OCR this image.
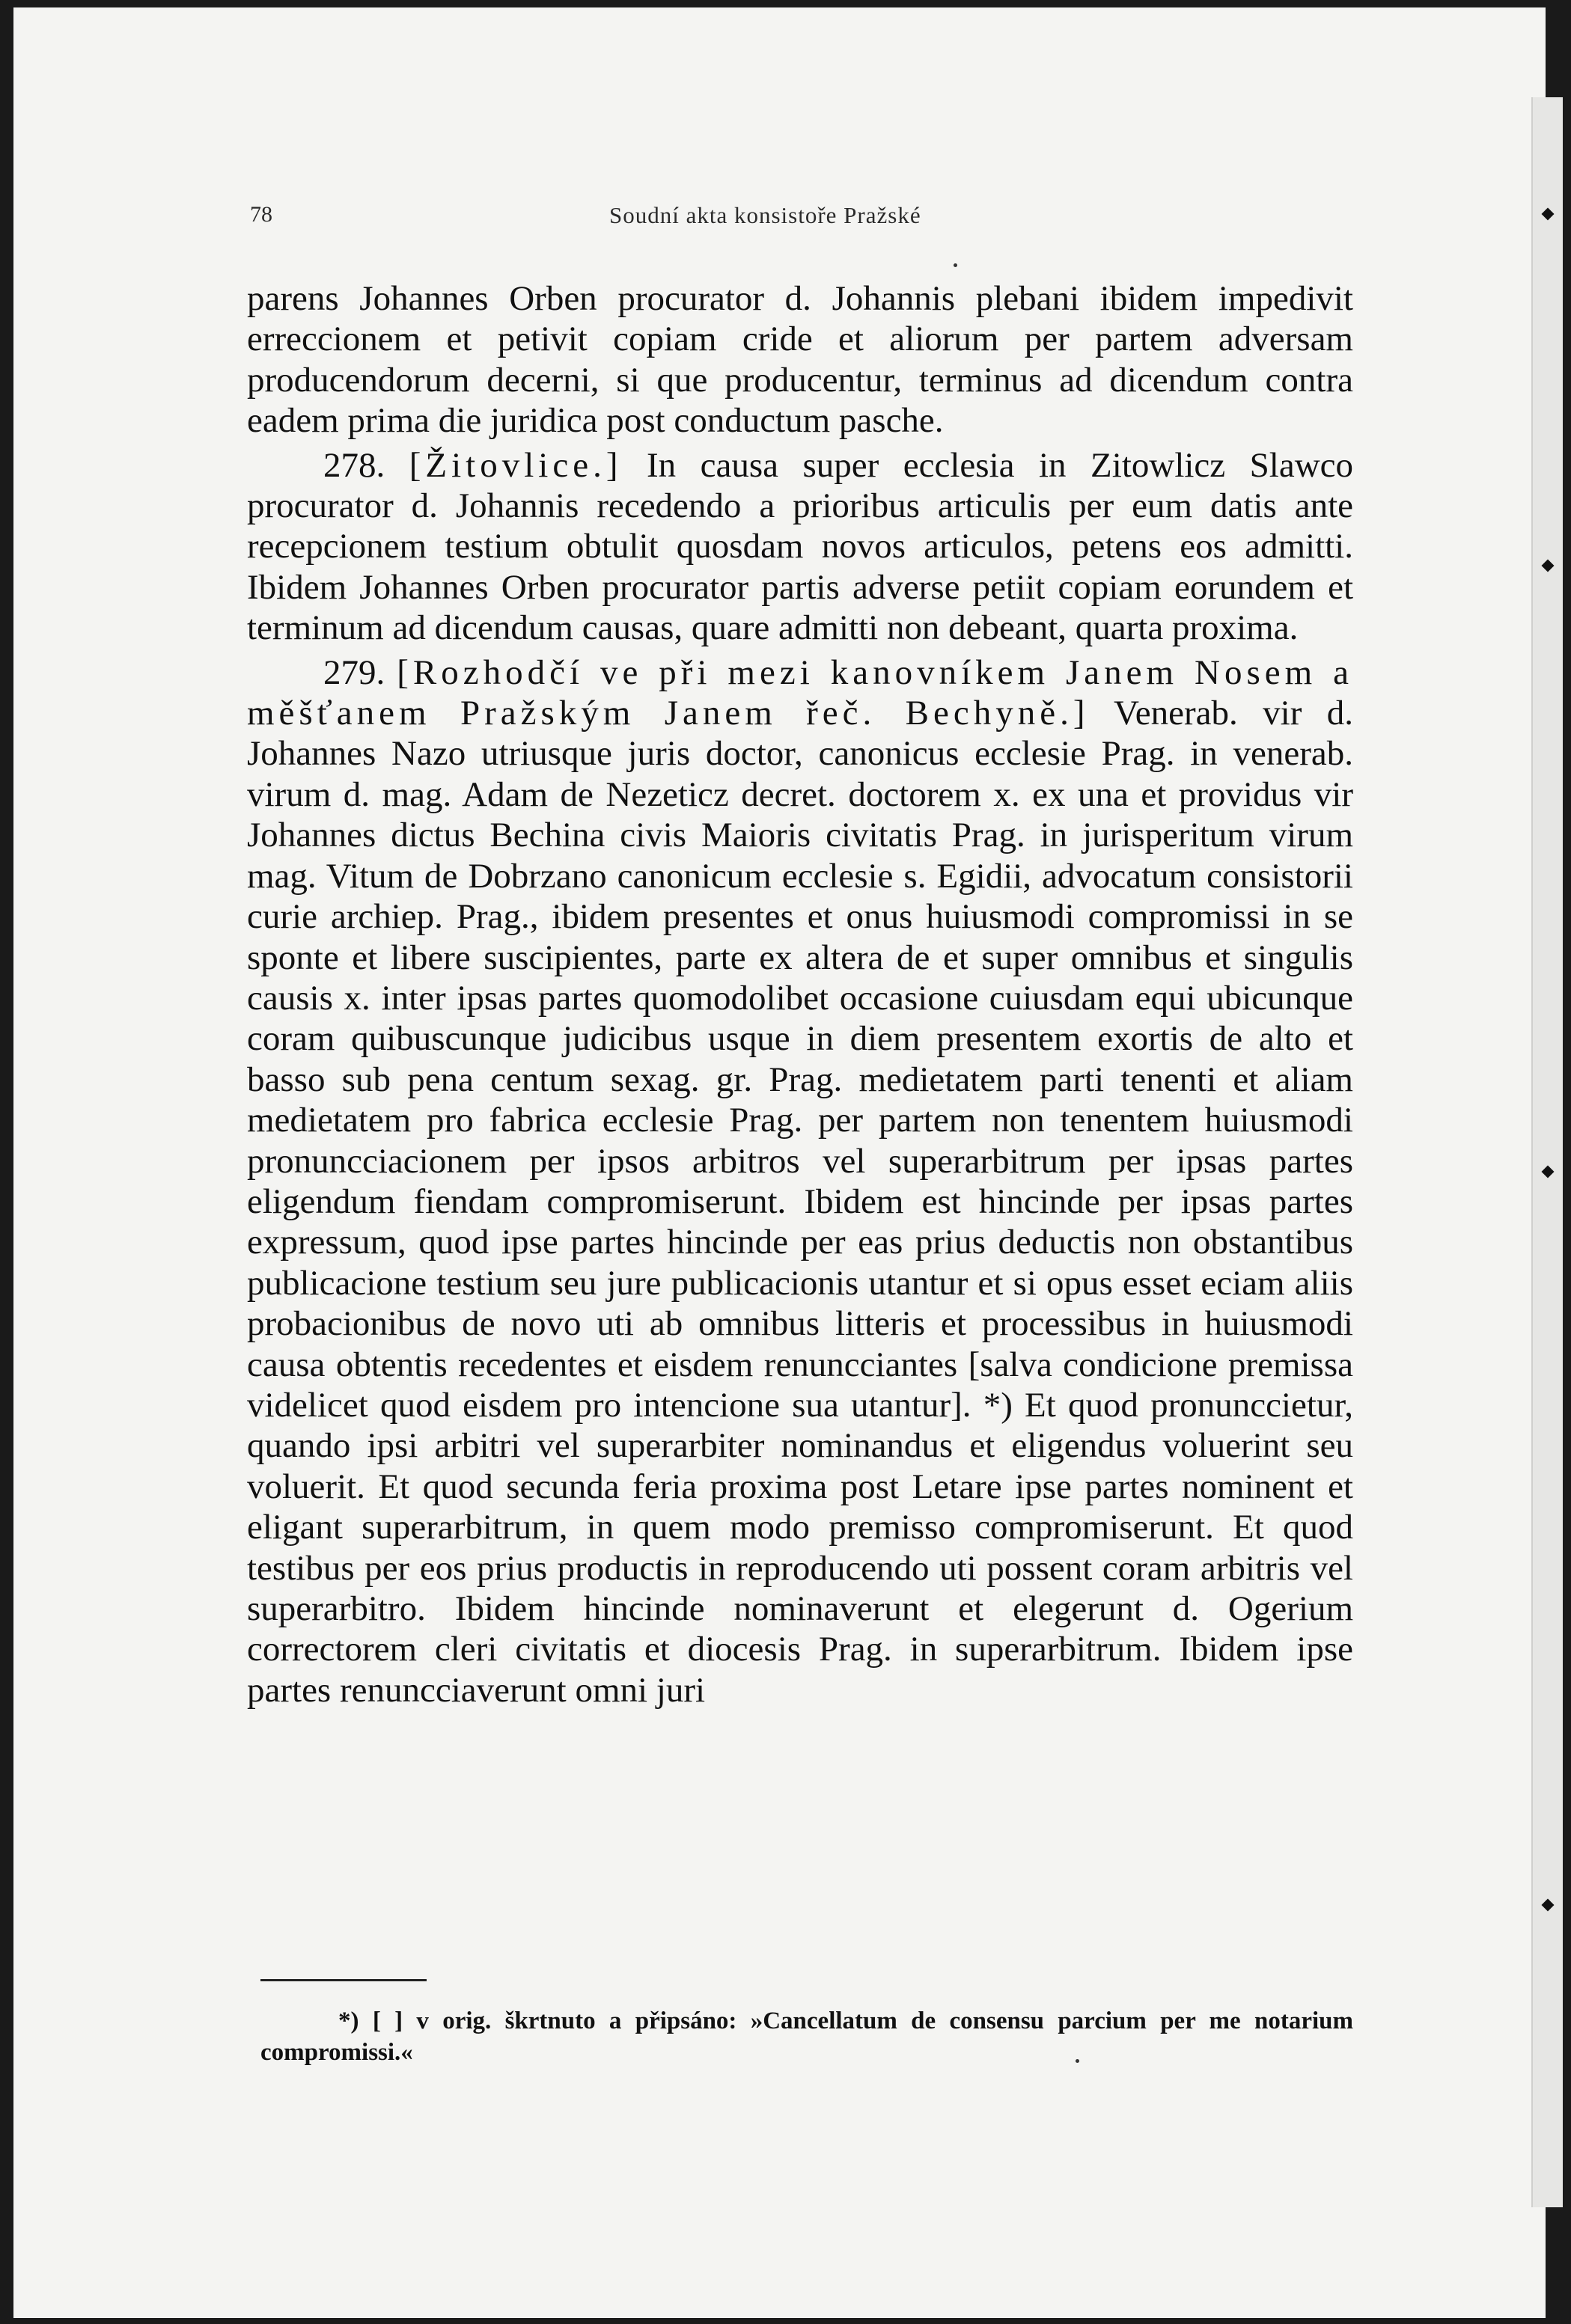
78	Soudní akta konsistoře Pražské

parens Johannes Orben procurator d. Johannis plebani ibidem impedivit erreccionem et petivit copiam cride et aliorum per partem adversam producendorum decerni, si que producentur, terminus ad dicendum contra eadem prima die juridica post conductum pasche.

278. [Žitovlice.] In causa super ecclesia in Zitowlicz Slawco procurator d. Johannis recedendo a prioribus articulis per eum datis ante recepcionem testium obtulit quosdam novos articulos, petens eos admitti. Ibidem Johannes Orben procurator partis adverse petiit copiam eorundem et terminum ad dicendum causas, quare admitti non debeant, quarta proxima.

279. [Rozhodčí ve při mezi kanovníkem Janem Nosem a měšťanem Pražským Janem řeč. Bechyně.] Venerab. vir d. Johannes Nazo utriusque juris doctor, canonicus ecclesie Prag. in venerab. virum d. mag. Adam de Nezeticz decret. doctorem x. ex una et providus vir Johannes dictus Bechina civis Maioris civitatis Prag. in jurisperitum virum mag. Vitum de Dobrzano canonicum ecclesie s. Egidii, advocatum consistorii curie archiep. Prag., ibidem presentes et onus huiusmodi compromissi in se sponte et libere suscipientes, parte ex altera de et super omnibus et singulis causis x. inter ipsas partes quomodolibet occasione cuiusdam equi ubicunque coram quibuscunque judicibus usque in diem presentem exortis de alto et basso sub pena centum sexag. gr. Prag. medietatem parti tenenti et aliam medietatem pro fabrica ecclesie Prag. per partem non tenentem huiusmodi pronuncciacionem per ipsos arbitros vel superarbitrum per ipsas partes eligendum fiendam compromiserunt. Ibidem est hincinde per ipsas partes expressum, quod ipse partes hincinde per eas prius deductis non obstantibus publicacione testium seu jure publicacionis utantur et si opus esset eciam aliis probacionibus de novo uti ab omnibus litteris et processibus in huiusmodi causa obtentis recedentes et eisdem renuncciantes [salva condicione premissa videlicet quod eisdem pro intencione sua utantur]. *) Et quod pronunccietur, quando ipsi arbitri vel superarbiter nominandus et eligendus voluerint seu voluerit. Et quod secunda feria proxima post Letare ipse partes nominent et eligant superarbitrum, in quem modo premisso compromiserunt. Et quod testibus per eos prius productis in reproducendo uti possent coram arbitris vel superarbitro. Ibidem hincinde nominaverunt et elegerunt d. Ogerium correctorem cleri civitatis et diocesis Prag. in superarbitrum. Ibidem ipse partes renuncciaverunt omni juri

*) [ ] v orig. škrtnuto a připsáno: »Cancellatum de consensu parcium per me notarium compromissi.«
